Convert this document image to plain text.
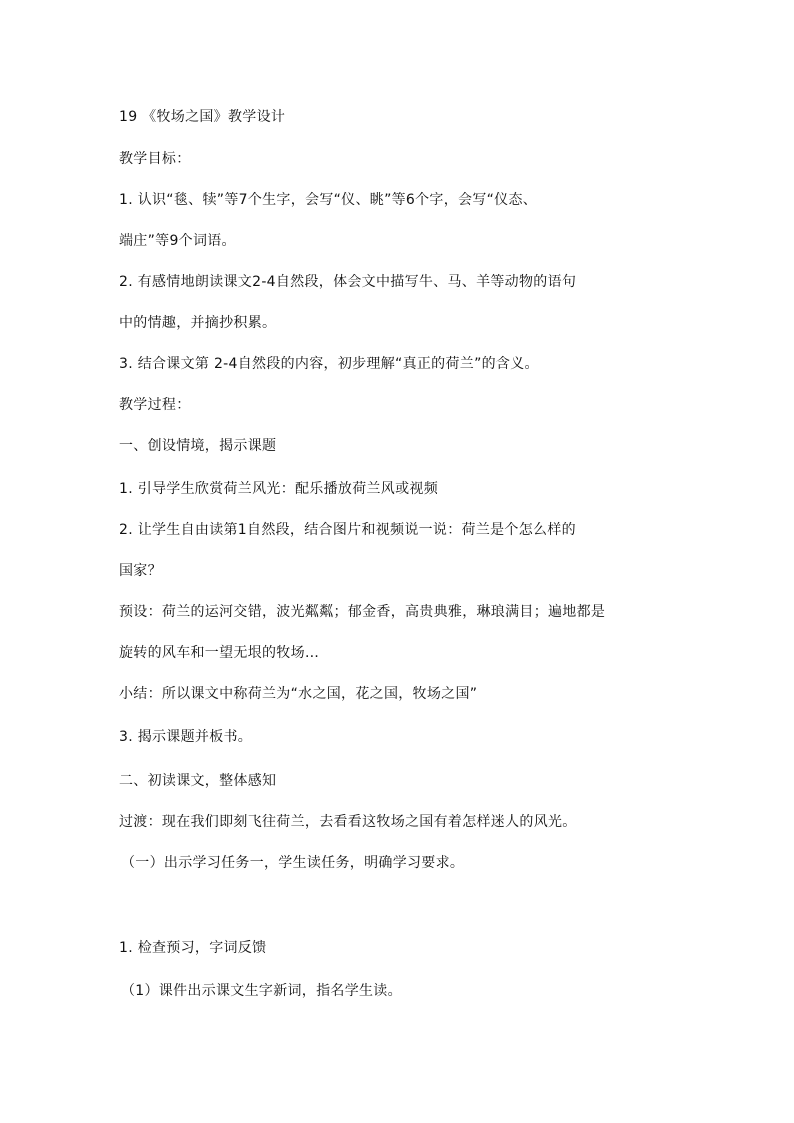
19 《牧场之国》教学设计
教学目标：
1. 认识“毯、犊”等7个生字，会写“仪、眺”等6个字，会写“仪态、
端庄”等9个词语。
2. 有感情地朗读课文2-4自然段，体会文中描写牛、马、羊等动物的语句
中的情趣，并摘抄积累。
3. 结合课文第 2-4自然段的内容，初步理解“真正的荷兰”的含义。
教学过程：
一、创设情境，揭示课题
1. 引导学生欣赏荷兰风光：配乐播放荷兰风或视频
2. 让学生自由读第1自然段，结合图片和视频说一说：荷兰是个怎么样的
国家？
预设：荷兰的运河交错，波光粼粼；郁金香，高贵典雅，琳琅满目；遍地都是
旋转的风车和一望无垠的牧场…
小结：所以课文中称荷兰为“水之国，花之国，牧场之国”
3. 揭示课题并板书。
二、初读课文，整体感知
过渡：现在我们即刻飞往荷兰，去看看这牧场之国有着怎样迷人的风光。
（一）出示学习任务一，学生读任务，明确学习要求。
1. 检查预习，字词反馈
（1）课件出示课文生字新词，指名学生读。
